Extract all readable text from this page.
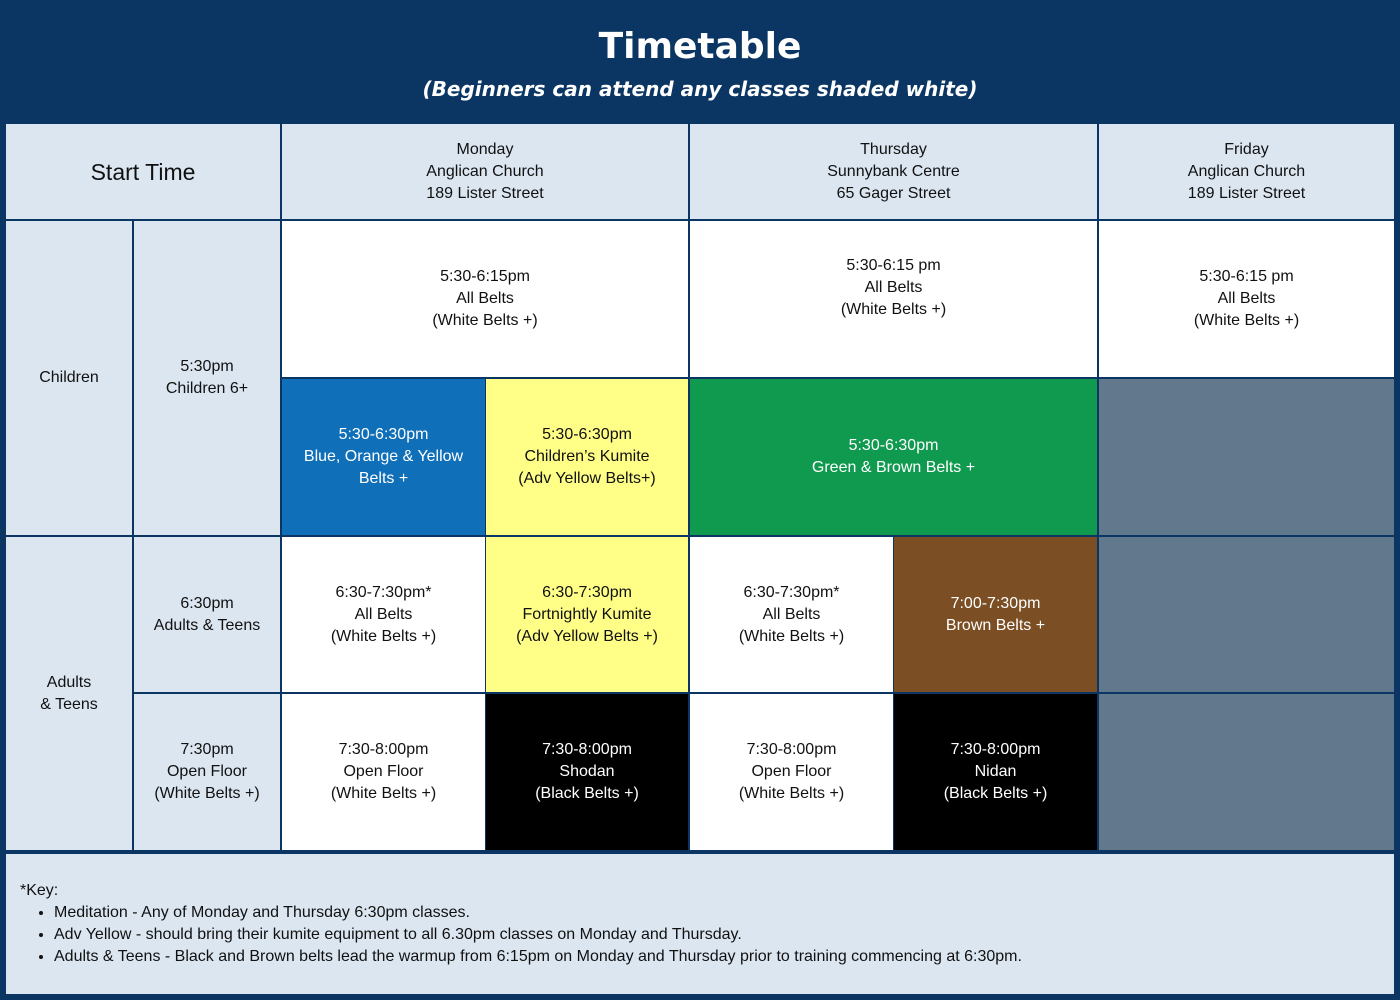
Timetable
(Beginners can attend any classes shaded white)
Start Time
Monday
Anglican Church
189 Lister Street
Thursday
Sunnybank Centre
65 Gager Street
Friday
Anglican Church
189 Lister Street
Children
Adults
& Teens
5:30pm
Children 6+
6:30pm
Adults & Teens
7:30pm
Open Floor
(White Belts +)
5:30-6:15pm
All Belts
(White Belts +)
5:30-6:15 pm
All Belts
(White Belts +)
5:30-6:15 pm
All Belts
(White Belts +)
5:30-6:30pm
Blue, Orange & Yellow
Belts +
5:30-6:30pm
Children’s Kumite
(Adv Yellow Belts+)
5:30-6:30pm
Green & Brown Belts +
6:30-7:30pm*
All Belts
(White Belts +)
6:30-7:30pm
Fortnightly Kumite
(Adv Yellow Belts +)
6:30-7:30pm*
All Belts
(White Belts +)
7:00-7:30pm
Brown Belts +
7:30-8:00pm
Open Floor
(White Belts +)
7:30-8:00pm
Shodan
(Black Belts +)
7:30-8:00pm
Open Floor
(White Belts +)
7:30-8:00pm
Nidan
(Black Belts +)
*Key:
• Meditation - Any of Monday and Thursday 6:30pm classes.
• Adv Yellow - should bring their kumite equipment to all 6.30pm classes on Monday and Thursday.
• Adults & Teens - Black and Brown belts lead the warmup from 6:15pm on Monday and Thursday prior to training commencing at 6:30pm.
